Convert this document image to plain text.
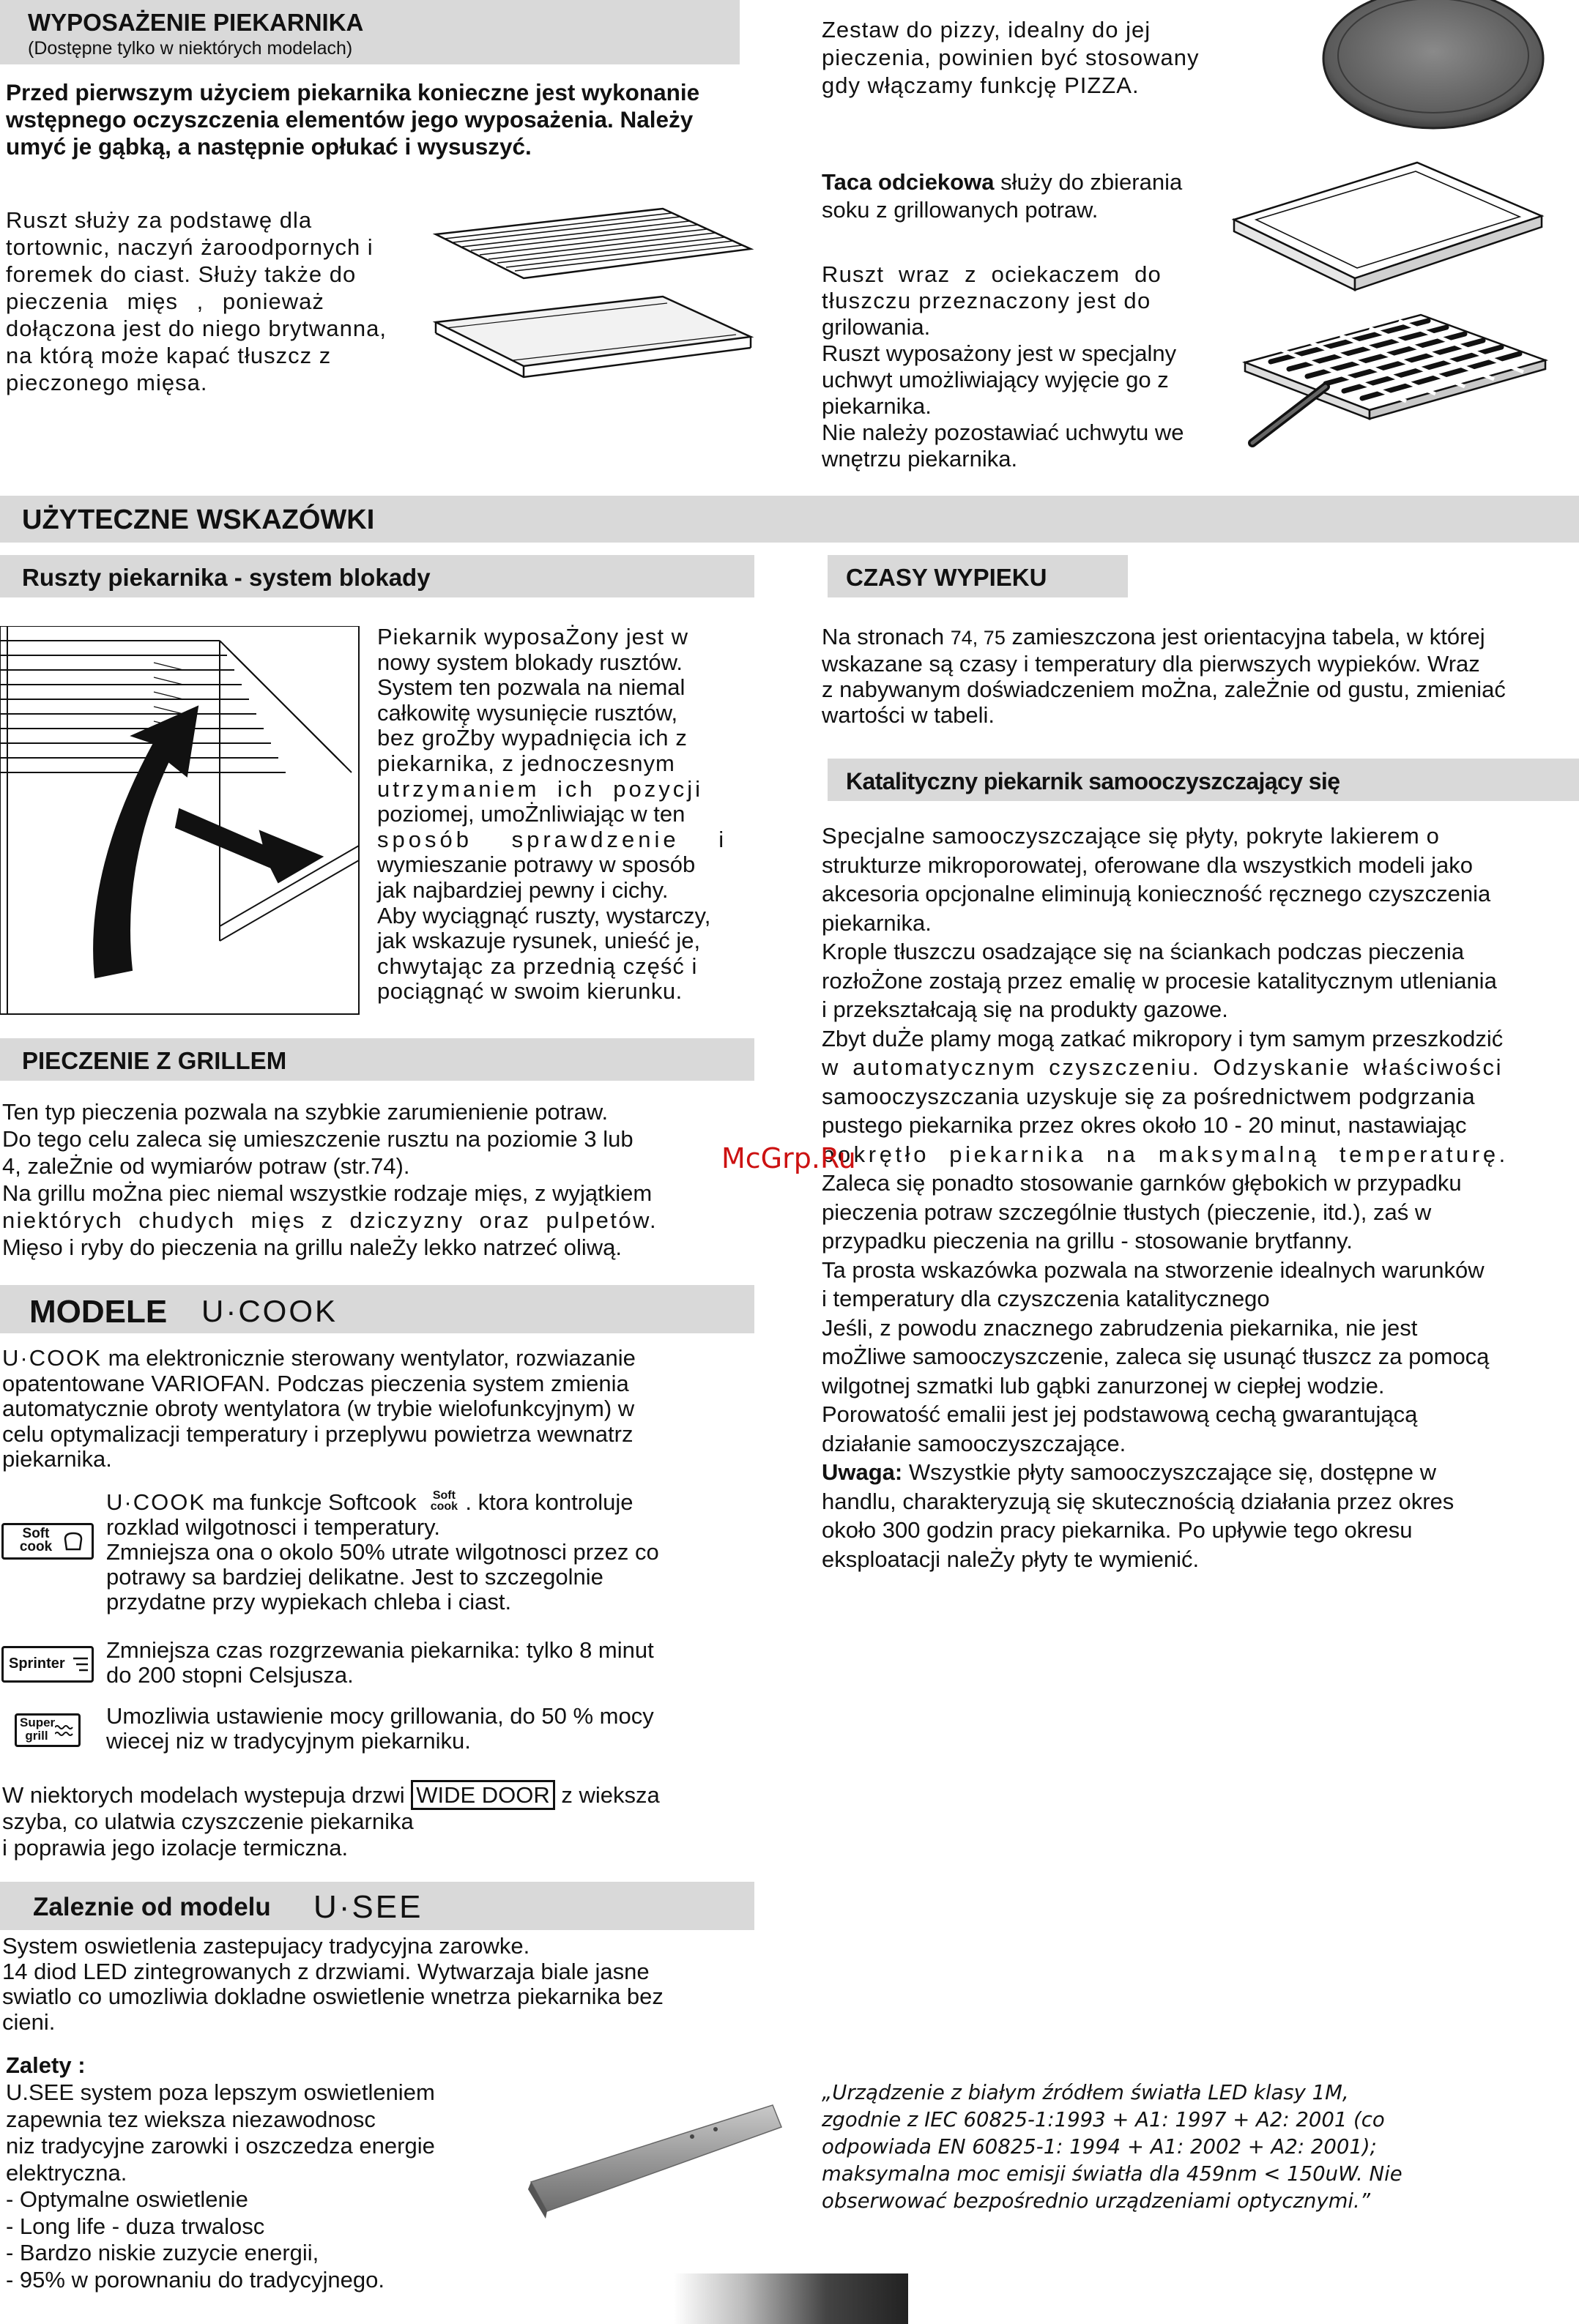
WYPOSAŻENIE PIEKARNIKA
(Dostępne tylko w niektórych modelach)
Przed pierwszym użyciem piekarnika konieczne jest wykonanie
wstępnego oczyszczenia elementów jego wyposażenia. Należy
umyć je gąbką, a następnie opłukać i wysuszyć.
Ruszt służy za podstawę dla
tortownic, naczyń żaroodpornych i
foremek do ciast. Służy także do
pieczenia mięs , ponieważ
dołączona jest do niego brytwanna,
na którą może kapać tłuszcz z
pieczonego mięsa.
Zestaw do pizzy, idealny do jej
pieczenia, powinien być stosowany
gdy włączamy funkcję PIZZA.
Taca odciekowa służy do zbierania
soku z grillowanych potraw.
Ruszt wraz z ociekaczem do
tłuszczu przeznaczony jest do
grilowania.
Ruszt wyposażony jest w specjalny
uchwyt umożliwiający wyjęcie go z
piekarnika.
Nie należy pozostawiać uchwytu we
wnętrzu piekarnika.
UŻYTECZNE WSKAZÓWKI
Ruszty piekarnika - system blokady
Piekarnik wyposaŻony jest w
nowy system blokady rusztów.
System ten pozwala na niemal
całkowitę wysunięcie rusztów,
bez groŻby wypadnięcia ich z
piekarnika, z jednoczesnym
utrzymaniem ich pozycji
poziomej, umoŻnliwiając w ten
sposób sprawdzenie i
wymieszanie potrawy w sposób
jak najbardziej pewny i cichy.
Aby wyciągnąć ruszty, wystarczy,
jak wskazuje rysunek, unieść je,
chwytając za przednią część i
pociągnąć w swoim kierunku.
PIECZENIE Z GRILLEM
Ten typ pieczenia pozwala na szybkie zarumienienie potraw.
Do tego celu zaleca się umieszczenie rusztu na poziomie 3 lub
4, zaleŻnie od wymiarów potraw (str.74).
Na grillu moŻna piec niemal wszystkie rodzaje mięs, z wyjątkiem
niektórych chudych mięs z dziczyzny oraz pulpetów.
Mięso i ryby do pieczenia na grillu naleŻy lekko natrzeć oliwą.
MODELE U·COOK
U·COOK ma elektronicznie sterowany wentylator, rozwiazanie
opatentowane VARIOFAN. Podczas pieczenia system zmienia
automatycznie obroty wentylatora (w trybie wielofunkcyjnym) w
celu optymalizacji temperatury i przeplywu powietrza wewnatrz
piekarnika.
Soft cook
U·COOK ma funkcje Softcook Soft cook . ktora kontroluje
rozklad wilgotnosci i temperatury.
Zmniejsza ona o okolo 50% utrate wilgotnosci przez co
potrawy sa bardziej delikatne. Jest to szczegolnie
przydatne przy wypiekach chleba i ciast.
Sprinter
Zmniejsza czas rozgrzewania piekarnika: tylko 8 minut
do 200 stopni Celsjusza.
Super grill
Umozliwia ustawienie mocy grillowania, do 50 % mocy
wiecej niz w tradycyjnym piekarniku.
W niektorych modelach wystepuja drzwi WIDE DOOR z wieksza
szyba, co ulatwia czyszczenie piekarnika
i poprawia jego izolacje termiczna.
Zaleznie od modelu U·SEE
System oswietlenia zastepujacy tradycyjna zarowke.
14 diod LED zintegrowanych z drzwiami. Wytwarzaja biale jasne
swiatlo co umozliwia dokladne oswietlenie wnetrza piekarnika bez
cieni.
Zalety :
U.SEE system poza lepszym oswietleniem
zapewnia tez wieksza niezawodnosc
niz tradycyjne zarowki i oszczedza energie
elektryczna.
- Optymalne oswietlenie
- Long life - duza trwalosc
- Bardzo niskie zuzycie energii,
- 95% w porownaniu do tradycyjnego.
„Urządzenie z białym źródłem światła LED klasy 1M,
zgodnie z IEC 60825-1:1993 + A1: 1997 + A2: 2001 (co
odpowiada EN 60825-1: 1994 + A1: 2002 + A2: 2001);
maksymalna moc emisji światła dla 459nm < 150uW. Nie
obserwować bezpośrednio urządzeniami optycznymi.”
CZASY WYPIEKU
Na stronach 74, 75 zamieszczona jest orientacyjna tabela, w której
wskazane są czasy i temperatury dla pierwszych wypieków. Wraz
z nabywanym doświadczeniem moŻna, zaleŻnie od gustu, zmieniać
wartości w tabeli.
Katalityczny piekarnik samooczyszczający się
Specjalne samooczyszczające się płyty, pokryte lakierem o
strukturze mikroporowatej, oferowane dla wszystkich modeli jako
akcesoria opcjonalne eliminują konieczność ręcznego czyszczenia
piekarnika.
Krople tłuszczu osadzające się na ściankach podczas pieczenia
rozłoŻone zostają przez emalię w procesie katalitycznym utleniania
i przekształcają się na produkty gazowe.
Zbyt duŻe plamy mogą zatkać mikropory i tym samym przeszkodzić
w automatycznym czyszczeniu. Odzyskanie właściwości
samooczyszczania uzyskuje się za pośrednictwem podgrzania
pustego piekarnika przez okres około 10 - 20 minut, nastawiając
pokrętło piekarnika na maksymalną temperaturę.
Zaleca się ponadto stosowanie garnków głębokich w przypadku
pieczenia potraw szczególnie tłustych (pieczenie, itd.), zaś w
przypadku pieczenia na grillu - stosowanie brytfanny.
Ta prosta wskazówka pozwala na stworzenie idealnych warunków
i temperatury dla czyszczenia katalitycznego
Jeśli, z powodu znacznego zabrudzenia piekarnika, nie jest
moŻliwe samooczyszczenie, zaleca się usunąć tłuszcz za pomocą
wilgotnej szmatki lub gąbki zanurzonej w ciepłej wodzie.
Porowatość emalii jest jej podstawową cechą gwarantującą
działanie samooczyszczające.
Uwaga: Wszystkie płyty samooczyszczające się, dostępne w
handlu, charakteryzują się skutecznością działania przez okres
około 300 godzin pracy piekarnika. Po upływie tego okresu
eksploatacji naleŻy płyty te wymienić.
McGrp.Ru
